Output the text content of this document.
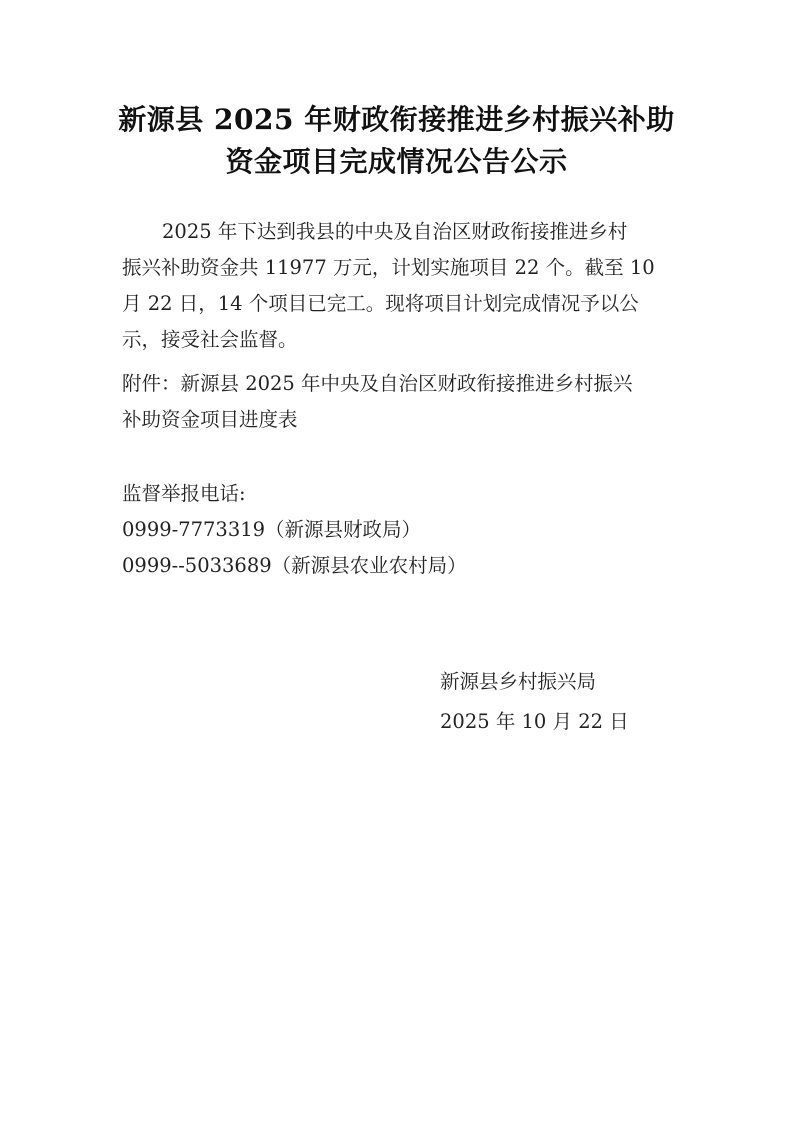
新源县 2025 年财政衔接推进乡村振兴补助
资金项目完成情况公告公示
2025 年下达到我县的中央及自治区财政衔接推进乡村
振兴补助资金共 11977 万元，计划实施项目 22 个。截至 10
月 22 日，14 个项目已完工。现将项目计划完成情况予以公
示，接受社会监督。
附件：新源县 2025 年中央及自治区财政衔接推进乡村振兴
补助资金项目进度表
监督举报电话:
0999-7773319（新源县财政局）
0999--5033689（新源县农业农村局）
新源县乡村振兴局
2025 年 10 月 22 日
